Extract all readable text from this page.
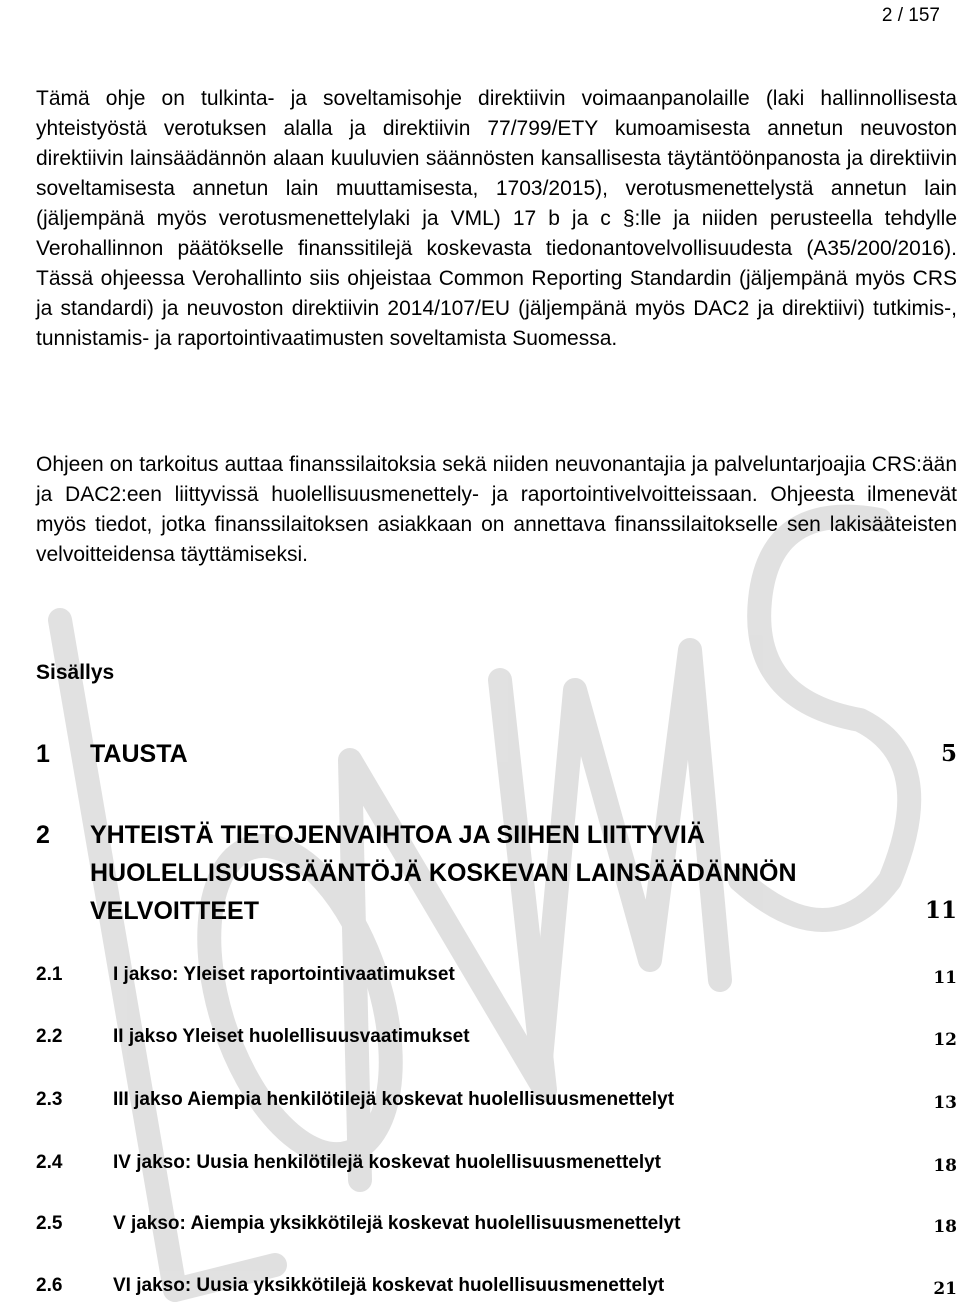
2 / 157

Tämä ohje on tulkinta- ja soveltamisohje direktiivin voimaanpanolaille (laki hallinnollisesta yhteistyöstä verotuksen alalla ja direktiivin 77/799/ETY kumoamisesta annetun neuvoston direktiivin lainsäädännön alaan kuuluvien säännösten kansallisesta täytäntöönpanosta ja direktiivin soveltamisesta annetun lain muuttamisesta, 1703/2015), verotusmenettelystä annetun lain (jäljempänä myös verotusmenettelylaki ja VML) 17 b ja c §:lle ja niiden perusteella tehdylle Verohallinnon päätökselle finanssitilejä koskevasta tiedonantovelvollisuudesta (A35/200/2016). Tässä ohjeessa Verohallinto siis ohjeistaa Common Reporting Standardin (jäljempänä myös CRS ja standardi) ja neuvoston direktiivin 2014/107/EU (jäljempänä myös DAC2 ja direktiivi) tutkimis-, tunnistamis- ja raportointivaatimusten soveltamista Suomessa.

Ohjeen on tarkoitus auttaa finanssilaitoksia sekä niiden neuvonantajia ja palveluntarjoajia CRS:ään ja DAC2:een liittyvissä huolellisuusmenettely- ja raportointivelvoitteissaan. Ohjeesta ilmenevät myös tiedot, jotka finanssilaitoksen asiakkaan on annettava finanssilaitokselle sen lakisääteisten velvoitteidensa täyttämiseksi.

Sisällys
1 TAUSTA	5
2 YHTEISTÄ TIETOJENVAIHTOA JA SIIHEN LIITTYVIÄ HUOLELLISUUSSÄÄNTÖJÄ KOSKEVAN LAINSÄÄDÄNNÖN VELVOITTEET	11
2.1	I jakso: Yleiset raportointivaatimukset	11
2.2	II jakso Yleiset huolellisuusvaatimukset	12
2.3	III jakso Aiempia henkilötilejä koskevat huolellisuusmenettelyt	13
2.4	IV jakso: Uusia henkilötilejä koskevat huolellisuusmenettelyt	18
2.5	V jakso: Aiempia yksikkötilejä koskevat huolellisuusmenettelyt	18
2.6	VI jakso: Uusia yksikkötilejä koskevat huolellisuusmenettelyt	21
